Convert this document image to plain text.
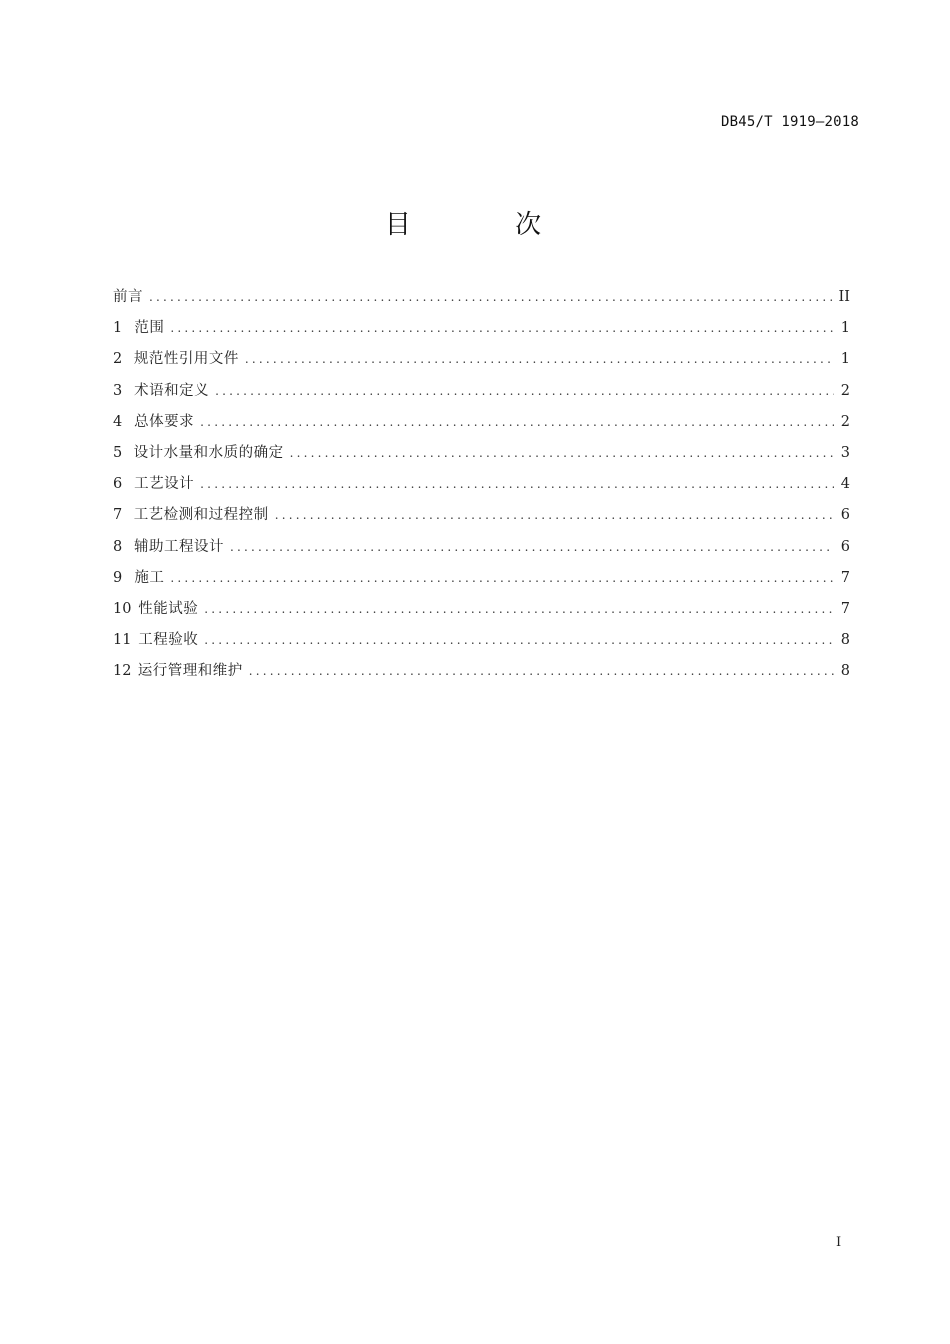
DB45/T 1919—2018
目 次
前言 .....	II
1 范围 .....	1
2 规范性引用文件 .....	1
3 术语和定义 .....	2
4 总体要求 .....	2
5 设计水量和水质的确定 .....	3
6 工艺设计 .....	4
7 工艺检测和过程控制 .....	6
8 辅助工程设计 .....	6
9 施工 .....	7
10 性能试验 .....	7
11 工程验收 .....	8
12 运行管理和维护 .....	8
I
